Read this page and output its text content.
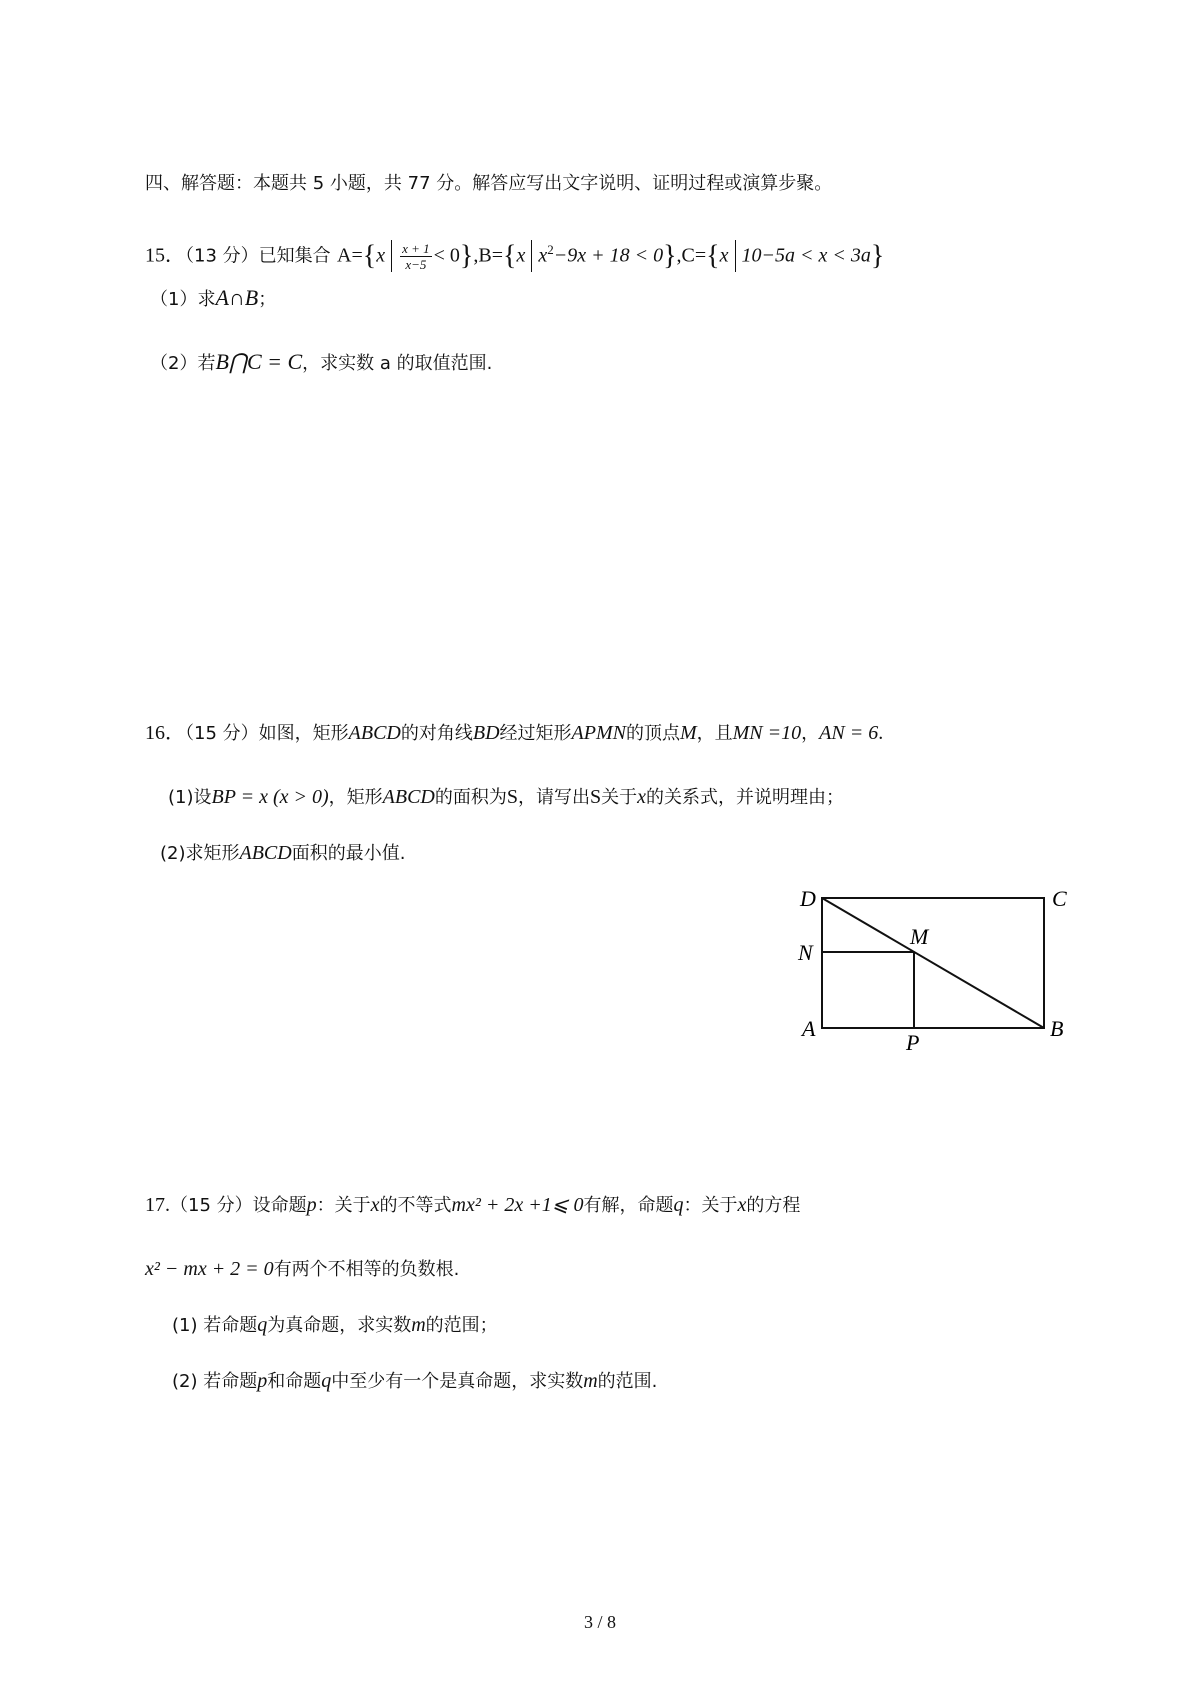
四、解答题：本题共 5 小题，共 77 分。解答应写出文字说明、证明过程或演算步聚。
15．（13 分）已知集合 $A=\{x \frac{x + 1}{x-5} < 0\},B=\{x$ $x^2-9x + 18 < 0\},C=\{x$ 10−5a < x < 3a}
（1）求A∩B；
（2）若B⋂C = C，求实数 a 的取值范围.
16．（15 分）如图，矩形ABCD的对角线BD经过矩形APMN的顶点M，且MN =10，AN = 6.
(1)设BP = x (x > 0)，矩形ABCD的面积为S，请写出S关于x的关系式，并说明理由；
(2)求矩形ABCD面积的最小值.
D	C
N
M
A
P
B
17.（15 分）设命题p：关于x的不等式mx² + 2x +1⩽ 0有解，命题q：关于x的方程
x² − mx + 2 = 0有两个不相等的负数根.
(1) 若命题q为真命题，求实数m的范围；
(2) 若命题p和命题q中至少有一个是真命题，求实数m的范围.
3 / 8
